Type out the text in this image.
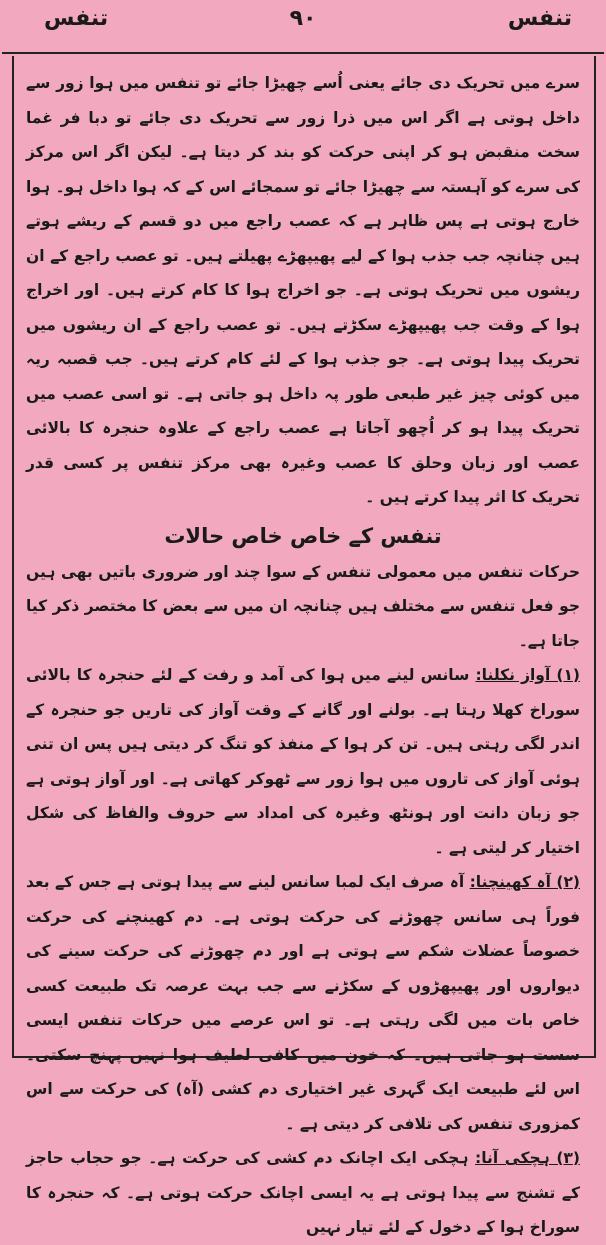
تنفس	۹۰	تنفس

سرے میں تحریک دی جائے یعنی اُسے چھیڑا جائے تو تنفس میں ہوا زور سے داخل ہوتی ہے اگر اس میں ذرا زور سے تحریک دی جائے تو دبا فر غما سخت منقبض ہو کر اپنی حرکت کو بند کر دیتا ہے۔ لیکن اگر اس مرکز کی سرے کو آہستہ سے چھیڑا جائے تو سمجائے اس کے کہ ہوا داخل ہو۔ ہوا خارج ہوتی ہے پس ظاہر ہے کہ عصب راجع میں دو قسم کے ریشے ہوتے ہیں چنانچہ جب جذب ہوا کے لیے پھیپھڑے پھیلتے ہیں۔ تو عصب راجع کے ان ریشوں میں تحریک ہوتی ہے۔ جو اخراج ہوا کا کام کرتے ہیں۔ اور اخراج ہوا کے وقت جب پھیپھڑے سکڑتے ہیں۔ تو عصب راجع کے ان ریشوں میں تحریک پیدا ہوتی ہے۔ جو جذب ہوا کے لئے کام کرتے ہیں۔ جب قصبہ ریہ میں کوئی چیز غیر طبعی طور پہ داخل ہو جاتی ہے۔ تو اسی عصب میں تحریک پیدا ہو کر اُچھو آجاتا ہے عصب راجع کے علاوہ حنجرہ کا بالائی عصب اور زبان وحلق کا عصب وغیرہ بھی مرکز تنفس پر کسی قدر تحریک کا اثر پیدا کرتے ہیں ۔

تنفس کے خاص خاص حالات

حرکات تنفس میں معمولی تنفس کے سوا چند اور ضروری باتیں بھی ہیں جو فعل تنفس سے مختلف ہیں چنانچہ ان میں سے بعض کا مختصر ذکر کیا جاتا ہے۔

(۱) آواز نکلنا: سانس لینے میں ہوا کی آمد و رفت کے لئے حنجرہ کا بالائی سوراخ کھلا رہتا ہے۔ بولنے اور گانے کے وقت آواز کی تاریں جو حنجرہ کے اندر لگی رہتی ہیں۔ تن کر ہوا کے منفذ کو تنگ کر دیتی ہیں پس ان تنی ہوئی آواز کی تاروں میں ہوا زور سے ٹھوکر کھاتی ہے۔ اور آواز ہوتی ہے جو زبان دانت اور ہونٹھ وغیرہ کی امداد سے حروف والفاظ کی شکل اختیار کر لیتی ہے ۔

(۲) آہ کھینچنا: آہ صرف ایک لمبا سانس لینے سے پیدا ہوتی ہے جس کے بعد فوراً ہی سانس چھوڑنے کی حرکت ہوتی ہے۔ دم کھینچنے کی حرکت خصوصاً عضلات شکم سے ہوتی ہے اور دم چھوڑنے کی حرکت سینے کی دیواروں اور پھیپھڑوں کے سکڑنے سے جب بہت عرصہ تک طبیعت کسی خاص بات میں لگی رہتی ہے۔ تو اس عرصے میں حرکات تنفس ایسی سست ہو جاتی ہیں۔ کہ خون میں کافی لطیف ہوا نہیں پہنچ سکتی۔ اس لئے طبیعت ایک گہری غیر اختیاری دم کشی (آہ) کی حرکت سے اس کمزوری تنفس کی تلافی کر دیتی ہے ۔

(۳) ہچکی آنا: ہچکی ایک اچانک دم کشی کی حرکت ہے۔ جو حجاب حاجز کے تشنج سے پیدا ہوتی ہے یہ ایسی اچانک حرکت ہوتی ہے۔ کہ حنجرہ کا سوراخ ہوا کے دخول کے لئے تیار نہیں
